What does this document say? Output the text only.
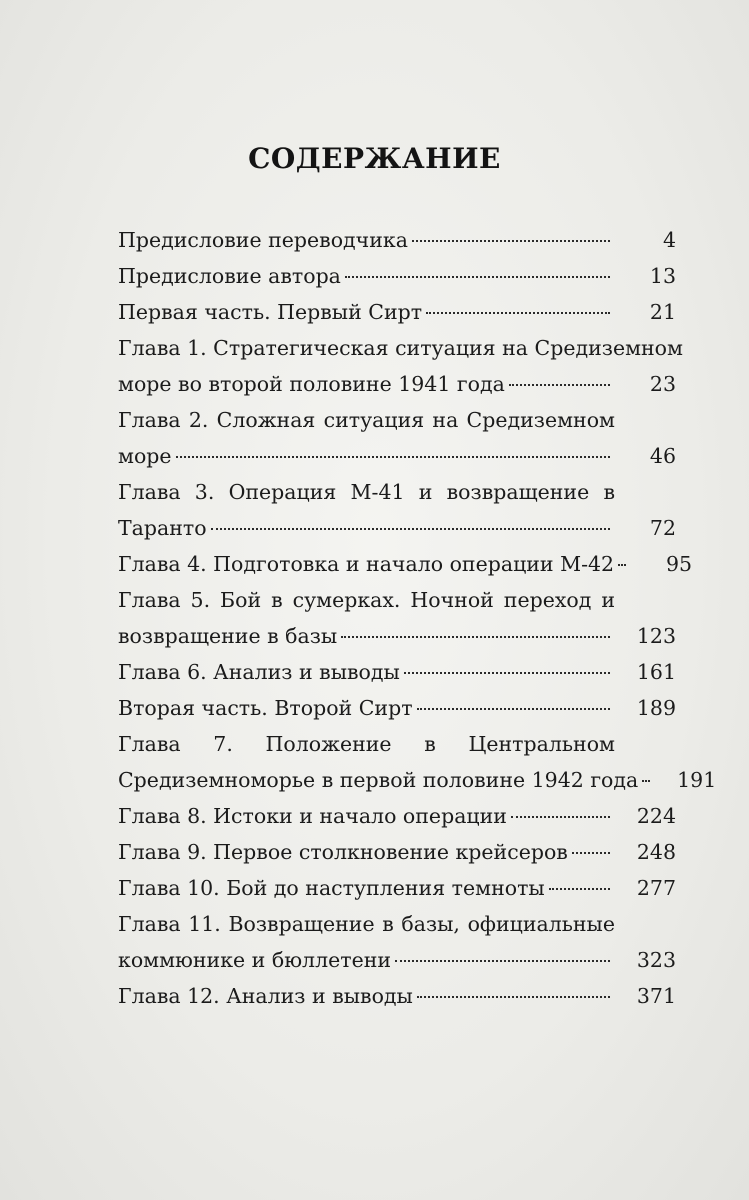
СОДЕРЖАНИЕ
Предисловие переводчика	4
Предисловие автора	13
Первая часть. Первый Сирт	21
Глава 1. Стратегическая ситуация на Средиземном
море во второй половине 1941 года	23
Глава 2. Сложная ситуация на Средиземном
море	46
Глава 3. Операция М-41 и возвращение в
Таранто	72
Глава 4. Подготовка и начало операции М-42	95
Глава 5. Бой в сумерках. Ночной переход и
возвращение в базы	123
Глава 6. Анализ и выводы	161
Вторая часть. Второй Сирт	189
Глава 7. Положение в Центральном
Средиземноморье в первой половине 1942 года	191
Глава 8. Истоки и начало операции	224
Глава 9. Первое столкновение крейсеров	248
Глава 10. Бой до наступления темноты	277
Глава 11. Возвращение в базы, официальные
коммюнике и бюллетени	323
Глава 12. Анализ и выводы	371
